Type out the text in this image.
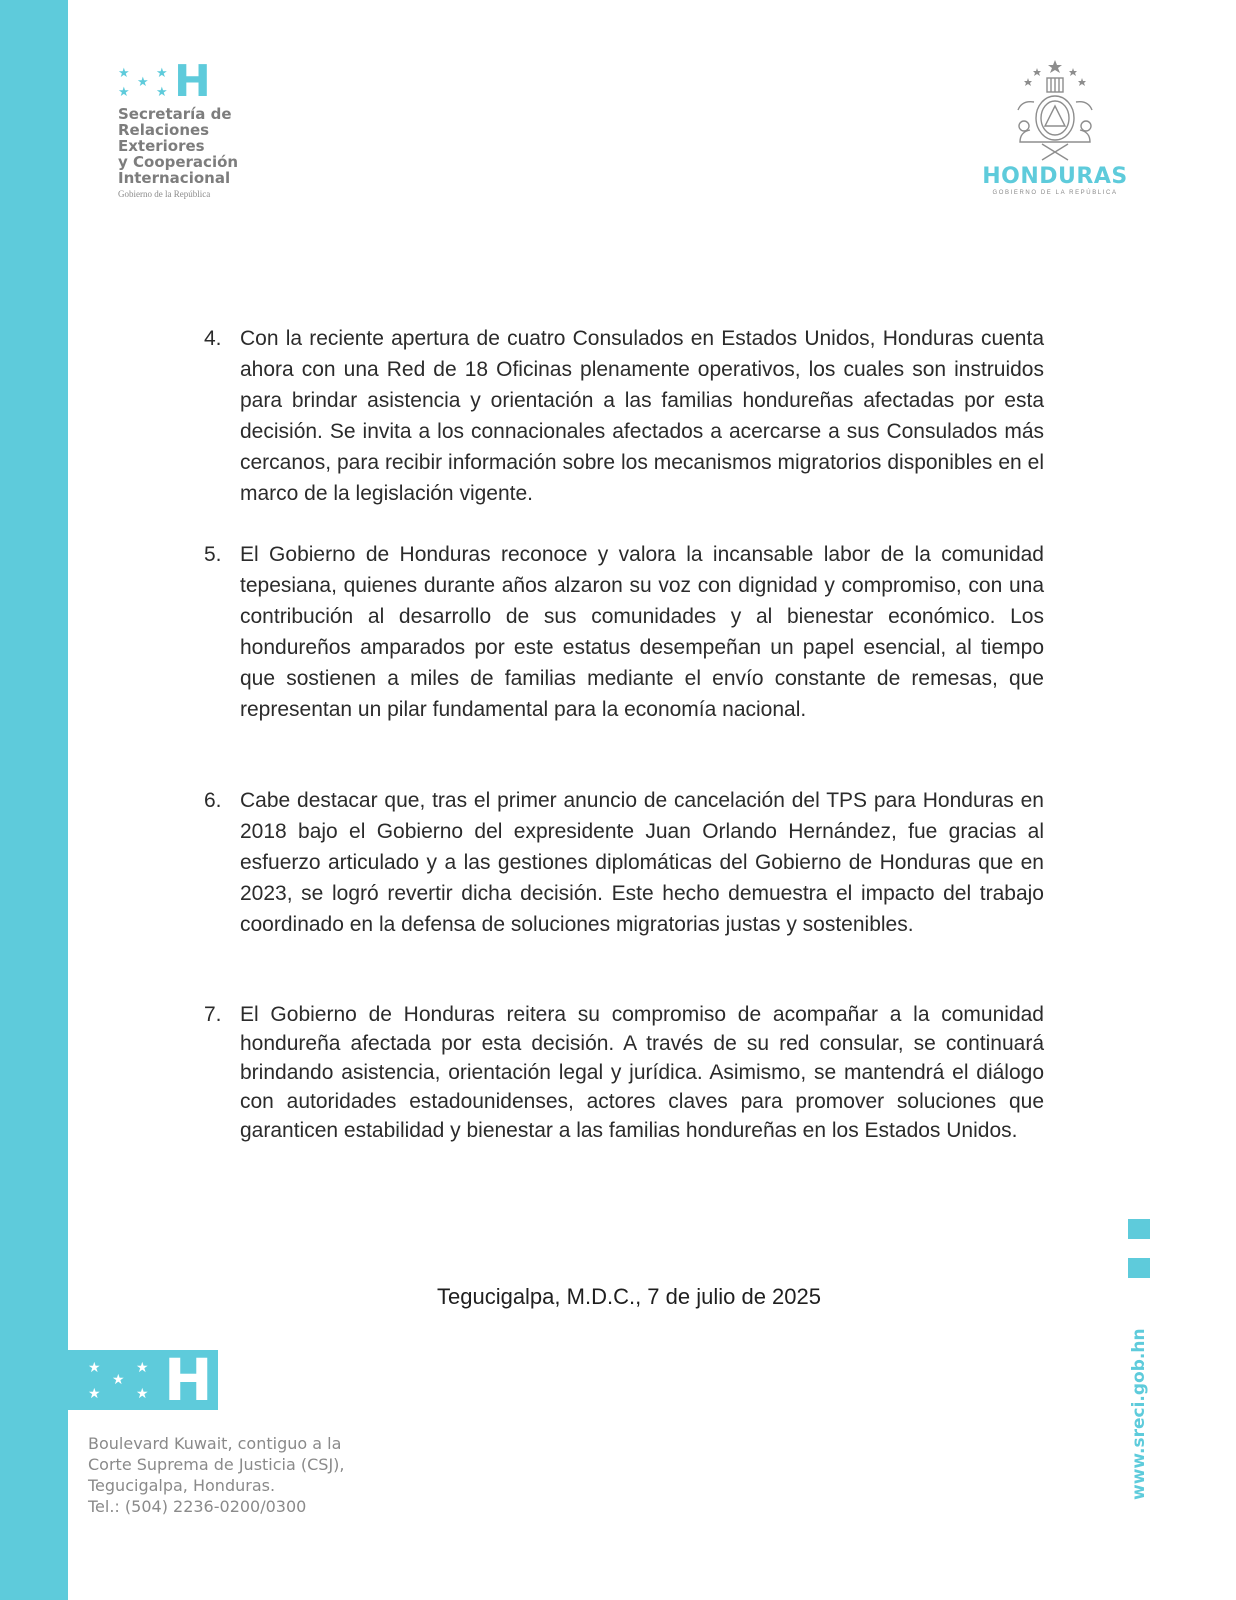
★ ★
★
★ ★ H
Secretaría de
Relaciones
Exteriores
y Cooperación
Internacional
Gobierno de la República
HONDURAS
GOBIERNO DE LA REPÚBLICA
4. Con la reciente apertura de cuatro Consulados en Estados Unidos, Honduras cuenta ahora con una Red de 18 Oficinas plenamente operativos, los cuales son instruidos para brindar asistencia y orientación a las familias hondureñas afectadas por esta decisión. Se invita a los connacionales afectados a acercarse a sus Consulados más cercanos, para recibir información sobre los mecanismos migratorios disponibles en el marco de la legislación vigente.
5. El Gobierno de Honduras reconoce y valora la incansable labor de la comunidad tepesiana, quienes durante años alzaron su voz con dignidad y compromiso, con una contribución al desarrollo de sus comunidades y al bienestar económico. Los hondureños amparados por este estatus desempeñan un papel esencial, al tiempo que sostienen a miles de familias mediante el envío constante de remesas, que representan un pilar fundamental para la economía nacional.
6. Cabe destacar que, tras el primer anuncio de cancelación del TPS para Honduras en 2018 bajo el Gobierno del expresidente Juan Orlando Hernández, fue gracias al esfuerzo articulado y a las gestiones diplomáticas del Gobierno de Honduras que en 2023, se logró revertir dicha decisión. Este hecho demuestra el impacto del trabajo coordinado en la defensa de soluciones migratorias justas y sostenibles.
7. El Gobierno de Honduras reitera su compromiso de acompañar a la comunidad hondureña afectada por esta decisión. A través de su red consular, se continuará brindando asistencia, orientación legal y jurídica. Asimismo, se mantendrá el diálogo con autoridades estadounidenses, actores claves para promover soluciones que garanticen estabilidad y bienestar a las familias hondureñas en los Estados Unidos.
Tegucigalpa, M.D.C., 7 de julio de 2025
★	★
★
★	★ H
Boulevard Kuwait, contiguo a la
Corte Suprema de Justicia (CSJ),
Tegucigalpa, Honduras.
Tel.: (504) 2236-0200/0300
www.sreci.gob.hn
